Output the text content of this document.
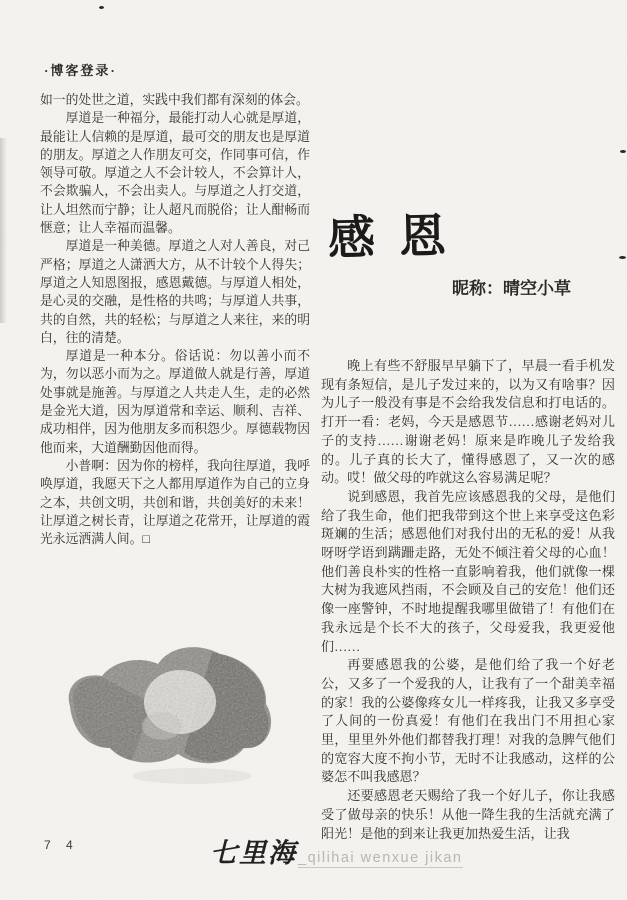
·博客登录·

如一的处世之道，实践中我们都有深刻的体会。

厚道是一种福分，最能打动人心就是厚道，最能让人信赖的是厚道，最可交的朋友也是厚道的朋友。厚道之人作朋友可交，作同事可信，作领导可敬。厚道之人不会计较人，不会算计人，不会欺骗人，不会出卖人。与厚道之人打交道，让人坦然而宁静；让人超凡而脱俗；让人酣畅而惬意；让人幸福而温馨。

厚道是一种美德。厚道之人对人善良，对己严格；厚道之人潇洒大方，从不计较个人得失；厚道之人知恩图报，感恩戴德。与厚道人相处，是心灵的交融，是性格的共鸣；与厚道人共事，共的自然，共的轻松；与厚道之人来往，来的明白，往的清楚。

厚道是一种本分。俗话说：勿以善小而不为，勿以恶小而为之。厚道做人就是行善，厚道处事就是施善。与厚道之人共走人生，走的必然是金光大道，因为厚道常和幸运、顺利、吉祥、成功相伴，因为他朋友多而积怨少。厚德载物因他而来，大道酬勤因他而得。

小普啊：因为你的榜样，我向往厚道，我呼唤厚道，我愿天下之人都用厚道作为自己的立身之本，共创文明，共创和谐，共创美好的未来！让厚道之树长青，让厚道之花常开，让厚道的霞光永远洒满人间。□

感恩
昵称：晴空小草

晚上有些不舒服早早躺下了，早晨一看手机发现有条短信，是儿子发过来的，以为又有啥事？因为儿子一般没有事是不会给我发信息和打电话的。打开一看：老妈，今天是感恩节……感谢老妈对儿子的支持……谢谢老妈！原来是昨晚儿子发给我的。儿子真的长大了，懂得感恩了，又一次的感动。哎！做父母的咋就这么容易满足呢？

说到感恩，我首先应该感恩我的父母，是他们给了我生命，他们把我带到这个世上来享受这色彩斑斓的生活；感恩他们对我付出的无私的爱！从我呀呀学语到蹒跚走路，无处不倾注着父母的心血！他们善良朴实的性格一直影响着我，他们就像一棵大树为我遮风挡雨，不会顾及自己的安危！他们还像一座警钟，不时地提醒我哪里做错了！有他们在我永远是个长不大的孩子，父母爱我，我更爱他们……

再要感恩我的公婆，是他们给了我一个好老公，又多了一个爱我的人，让我有了一个甜美幸福的家！我的公婆像疼女儿一样疼我，让我又多享受了人间的一份真爱！有他们在我出门不用担心家里，里里外外他们都替我打理！对我的急脾气他们的宽容大度不拘小节，无时不让我感动，这样的公婆怎不叫我感恩？

还要感恩老天赐给了我一个好儿子，你让我感受了做母亲的快乐！从他一降生我的生活就充满了阳光！是他的到来让我更加热爱生活，让我

7 4	七里海 _qilihai wenxue jikan
